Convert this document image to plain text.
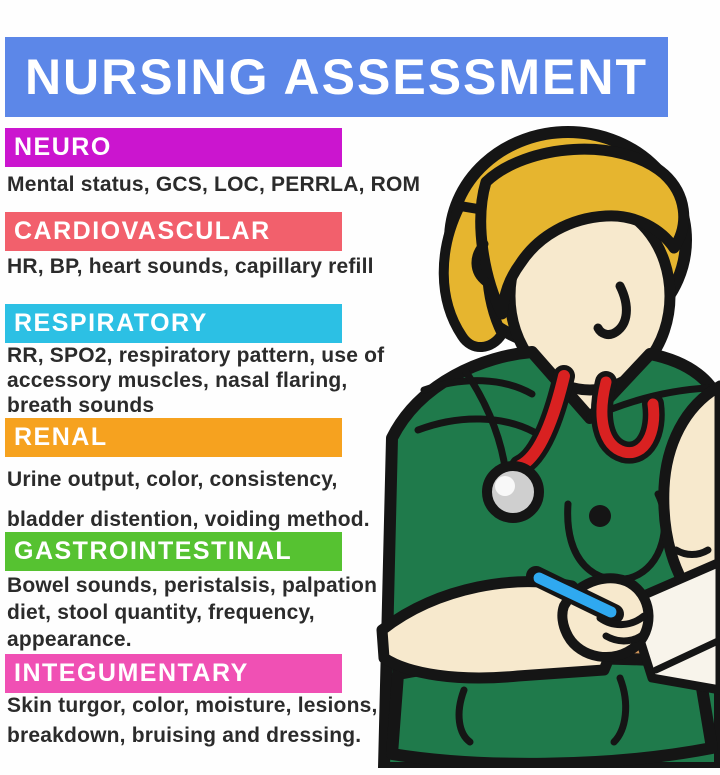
NURSING ASSESSMENT
NEURO
Mental status, GCS, LOC, PERRLA, ROM
CARDIOVASCULAR
HR, BP, heart sounds, capillary refill
RESPIRATORY
RR, SPO2, respiratory pattern, use of
accessory muscles, nasal flaring,
breath sounds
RENAL
Urine output, color, consistency,
bladder distention, voiding method.
GASTROINTESTINAL
Bowel sounds, peristalsis, palpation
diet, stool quantity, frequency,
appearance.
INTEGUMENTARY
Skin turgor, color, moisture, lesions,
breakdown, bruising and dressing.
